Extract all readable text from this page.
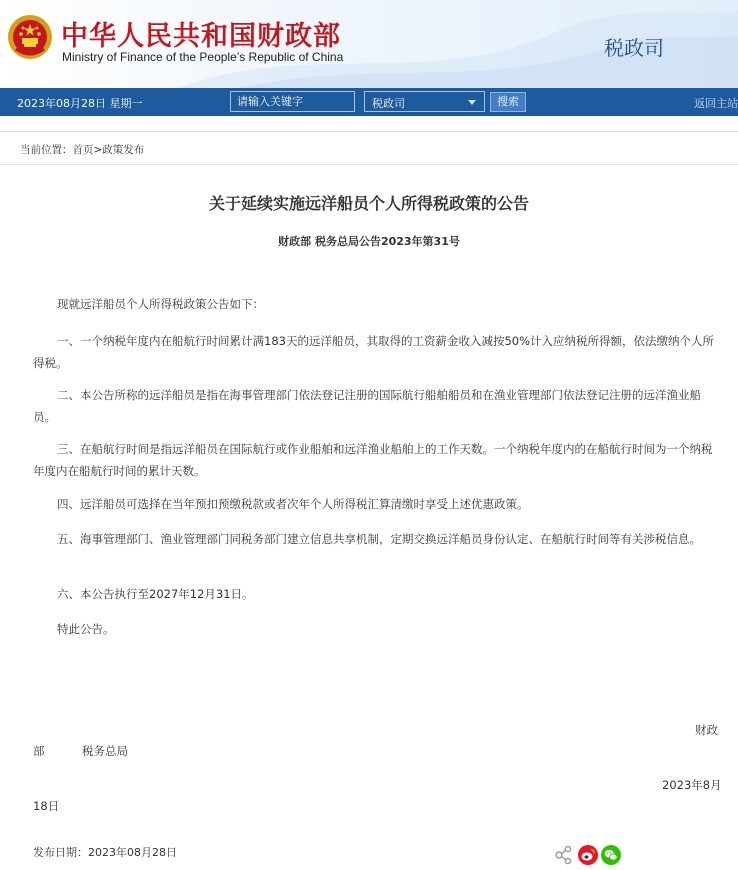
中华人民共和国财政部
Ministry of Finance of the People’s Republic of China	税政司
2023年08月28日 星期一
请输入关键字	税政司	搜索	返回主站
当前位置：首页>政策发布
关于延续实施远洋船员个人所得税政策的公告
财政部 税务总局公告2023年第31号

现就远洋船员个人所得税政策公告如下：

一、一个纳税年度内在船航行时间累计满183天的远洋船员，其取得的工资薪金收入减按50%计入应纳税所得额，依法缴纳个人所得税。

二、本公告所称的远洋船员是指在海事管理部门依法登记注册的国际航行船舶船员和在渔业管理部门依法登记注册的远洋渔业船员。

三、在船航行时间是指远洋船员在国际航行或作业船舶和远洋渔业船舶上的工作天数。一个纳税年度内的在船航行时间为一个纳税年度内在船航行时间的累计天数。

四、远洋船员可选择在当年预扣预缴税款或者次年个人所得税汇算清缴时享受上述优惠政策。

五、海事管理部门、渔业管理部门同税务部门建立信息共享机制，定期交换远洋船员身份认定、在船航行时间等有关涉税信息。

六、本公告执行至2027年12月31日。

特此公告。

财政
部	税务总局
2023年8月
18日
发布日期：2023年08月28日
